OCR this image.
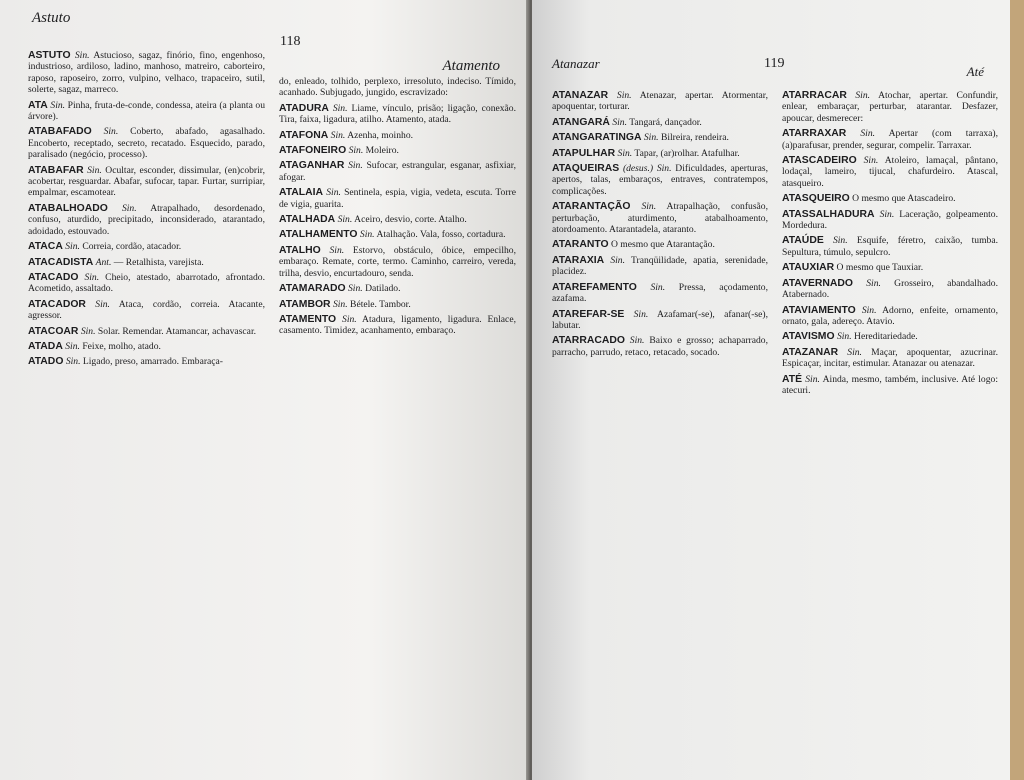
Astuto
118
Atamento

ASTUTO Sin. Astucioso, sagaz, finório, fino, engenhoso, industrioso, ardiloso, ladino, manhoso, matreiro, caborteiro, raposo, raposeiro, zorro, vulpino, velhaco, trapaceiro, sutil, solerte, sagaz, marreco.

ATA Sin. Pinha, fruta-de-conde, condessa, ateira (a planta ou árvore).

ATABAFADO Sin. Coberto, abafado, agasalhado. Encoberto, receptado, secreto, recatado. Esquecido, parado, paralisado (negócio, processo).

ATABAFAR Sin. Ocultar, esconder, dissimular, (en)cobrir, acobertar, resguardar. Abafar, sufocar, tapar. Furtar, surripiar, empalmar, escamotear.

ATABALHOADO Sin. Atrapalhado, desordenado, confuso, aturdido, precipitado, inconsiderado, atarantado, adoidado, estouvado.

ATACA Sin. Correia, cordão, atacador.

ATACADISTA Ant. — Retalhista, varejista.

ATACADO Sin. Cheio, atestado, abarrotado, afrontado. Acometido, assaltado.

ATACADOR Sin. Ataca, cordão, correia. Atacante, agressor.

ATACOAR Sin. Solar. Remendar. Atamancar, achavascar.

ATADA Sin. Feixe, molho, atado.

ATADO Sin. Ligado, preso, amarrado. Embaraça-

do, enleado, tolhido, perplexo, irresoluto, indeciso. Tímido, acanhado. Subjugado, jungido, escravizado:

ATADURA Sin. Liame, vínculo, prisão; ligação, conexão. Tira, faixa, ligadura, atilho. Atamento, atada.

ATAFONA Sin. Azenha, moinho.

ATAFONEIRO Sin. Moleiro.

ATAGANHAR Sin. Sufocar, estrangular, esganar, asfixiar, afogar.

ATALAIA Sin. Sentinela, espia, vigia, vedeta, escuta. Torre de vigia, guarita.

ATALHADA Sin. Aceiro, desvio, corte. Atalho.

ATALHAMENTO Sin. Atalhação. Vala, fosso, cortadura.

ATALHO Sin. Estorvo, obstáculo, óbice, empecilho, embaraço. Remate, corte, termo. Caminho, carreiro, vereda, trilha, desvio, encurtadouro, senda.

ATAMARADO Sin. Datilado.

ATAMBOR Sin. Bétele. Tambor.

ATAMENTO Sin. Atadura, ligamento, ligadura. Enlace, casamento. Timidez, acanhamento, embaraço.

Atanazar	119
Até

ATANAZAR Sin. Atenazar, apertar. Atormentar, apoquentar, torturar.

ATANGARÁ Sin. Tangará, dançador.

ATANGARATINGA Sin. Bilreira, rendeira.

ATAPULHAR Sin. Tapar, (ar)rolhar. Atafulhar.

ATAQUEIRAS (desus.) Sin. Dificuldades, aperturas, apertos, talas, embaraços, entraves, contratempos, complicações.

ATARANTAÇÃO Sin. Atrapalhação, confusão, perturbação, aturdimento, atabalhoamento, atordoamento. Atarantadela, ataranto.

ATARANTO O mesmo que Atarantação.

ATARAXIA Sin. Tranqüilidade, apatia, serenidade, placidez.

ATAREFAMENTO Sin. Pressa, açodamento, azafama.

ATAREFAR-SE Sin. Azafamar(-se), afanar(-se), labutar.

ATARRACADO Sin. Baixo e grosso; achaparrado, parracho, parrudo, retaco, retacado, socado.

ATARRACAR Sin. Atochar, apertar. Confundir, enlear, embaraçar, perturbar, atarantar. Desfazer, apoucar, desmerecer:

ATARRAXAR Sin. Apertar (com tarraxa), (a)parafusar, prender, segurar, compelir. Tarraxar.

ATASCADEIRO Sin. Atoleiro, lamaçal, pântano, lodaçal, lameiro, tijucal, chafurdeiro. Atascal, atasqueiro.

ATASQUEIRO O mesmo que Atascadeiro.

ATASSALHADURA Sin. Laceração, golpeamento. Mordedura.

ATAÚDE Sin. Esquife, féretro, caixão, tumba. Sepultura, túmulo, sepulcro.

ATAUXIAR O mesmo que Tauxiar.

ATAVERNADO Sin. Grosseiro, abandalhado. Atabernado.

ATAVIAMENTO Sin. Adorno, enfeite, ornamento, ornato, gala, adereço. Atavio.

ATAVISMO Sin. Hereditariedade.

ATAZANAR Sin. Maçar, apoquentar, azucrinar. Espicaçar, incitar, estimular. Atanazar ou atenazar.

ATÉ Sin. Ainda, mesmo, também, inclusive. Até logo: atecuri.
